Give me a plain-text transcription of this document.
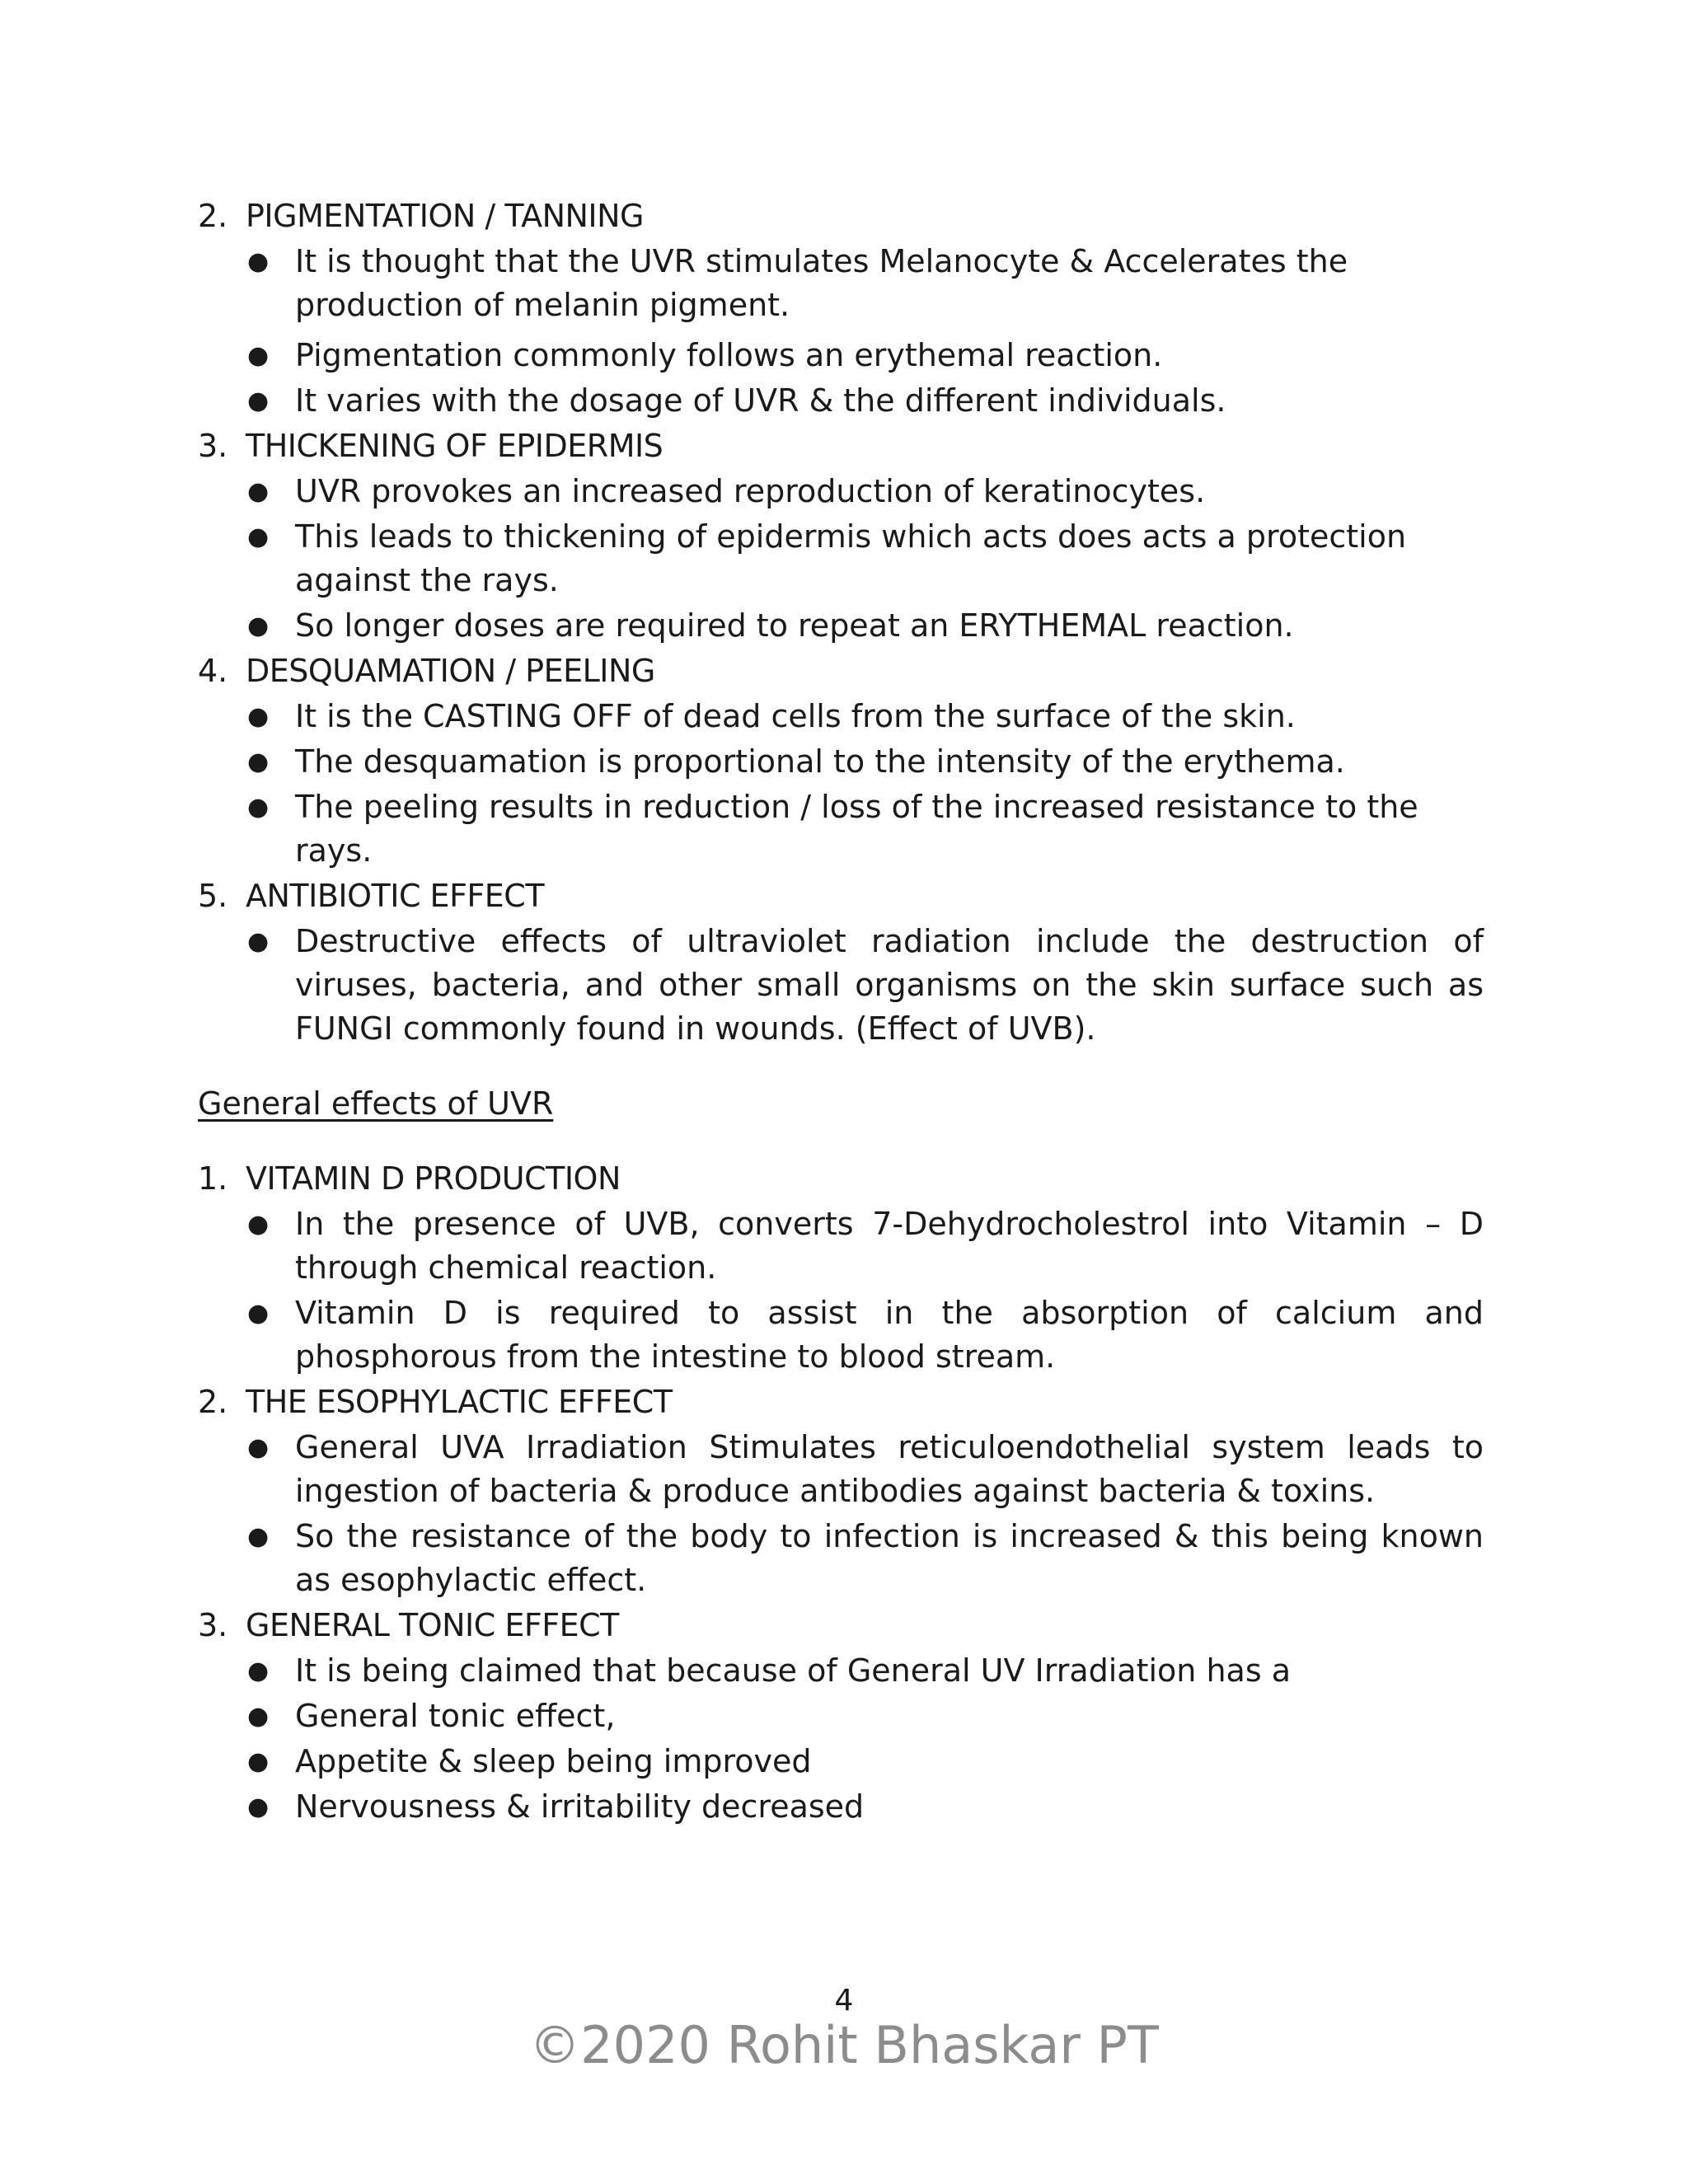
2. PIGMENTATION / TANNING
● It is thought that the UVR stimulates Melanocyte & Accelerates the production of melanin pigment.
● Pigmentation commonly follows an erythemal reaction.
● It varies with the dosage of UVR & the different individuals.
3. THICKENING OF EPIDERMIS
● UVR provokes an increased reproduction of keratinocytes.
● This leads to thickening of epidermis which acts does acts a protection against the rays.
● So longer doses are required to repeat an ERYTHEMAL reaction.
4. DESQUAMATION / PEELING
● It is the CASTING OFF of dead cells from the surface of the skin.
● The desquamation is proportional to the intensity of the erythema.
● The peeling results in reduction / loss of the increased resistance to the rays.
5. ANTIBIOTIC EFFECT
● Destructive effects of ultraviolet radiation include the destruction of viruses, bacteria, and other small organisms on the skin surface such as FUNGI commonly found in wounds. (Effect of UVB).
General effects of UVR
1. VITAMIN D PRODUCTION
● In the presence of UVB, converts 7-Dehydrocholestrol into Vitamin – D through chemical reaction.
● Vitamin D is required to assist in the absorption of calcium and phosphorous from the intestine to blood stream.
2. THE ESOPHYLACTIC EFFECT
● General UVA Irradiation Stimulates reticuloendothelial system leads to ingestion of bacteria & produce antibodies against bacteria & toxins.
● So the resistance of the body to infection is increased & this being known as esophylactic effect.
3. GENERAL TONIC EFFECT
● It is being claimed that because of General UV Irradiation has a
● General tonic effect,
● Appetite & sleep being improved
● Nervousness & irritability decreased
4
©2020 Rohit Bhaskar PT
